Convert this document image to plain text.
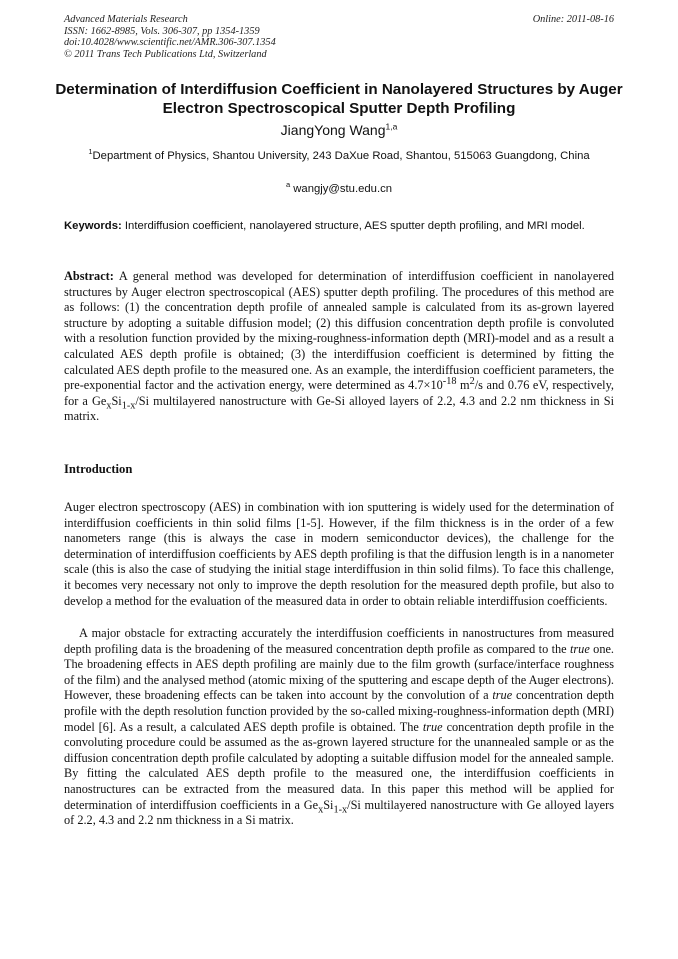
Advanced Materials Research
ISSN: 1662-8985, Vols. 306-307, pp 1354-1359
doi:10.4028/www.scientific.net/AMR.306-307.1354
© 2011 Trans Tech Publications Ltd, Switzerland
Online: 2011-08-16
Determination of Interdiffusion Coefficient in Nanolayered Structures by Auger Electron Spectroscopical Sputter Depth Profiling
JiangYong Wang$^{1,a}$
$^1$Department of Physics, Shantou University, 243 DaXue Road, Shantou, 515063 Guangdong, China
$^a$ wangjy@stu.edu.cn
Keywords: Interdiffusion coefficient, nanolayered structure, AES sputter depth profiling, and MRI model.
Abstract: A general method was developed for determination of interdiffusion coefficient in nanolayered structures by Auger electron spectroscopical (AES) sputter depth profiling. The procedures of this method are as follows: (1) the concentration depth profile of annealed sample is calculated from its as-grown layered structure by adopting a suitable diffusion model; (2) this diffusion concentration depth profile is convoluted with a resolution function provided by the mixing-roughness-information depth (MRI)-model and as a result a calculated AES depth profile is obtained; (3) the interdiffusion coefficient is determined by fitting the calculated AES depth profile to the measured one. As an example, the interdiffusion coefficient parameters, the pre-exponential factor and the activation energy, were determined as $4.7\times 10^{-18}$ $m^2/s$ and 0.76 eV, respectively, for a $Ge_xSi_{1-x}/Si$ multilayered nanostructure with Ge-Si alloyed layers of 2.2, 4.3 and 2.2 nm thickness in Si matrix.
Introduction

Auger electron spectroscopy (AES) in combination with ion sputtering is widely used for the determination of interdiffusion coefficients in thin solid films [1-5]. However, if the film thickness is in the order of a few nanometers range (this is always the case in modern semiconductor devices), the challenge for the determination of interdiffusion coefficients by AES depth profiling is that the diffusion length is in a nanometer scale (this is also the case of studying the initial stage interdiffusion in thin solid films). To face this challenge, it becomes very necessary not only to improve the depth resolution for the measured depth profile, but also to develop a method for the evaluation of the measured data in order to obtain reliable interdiffusion coefficients.

A major obstacle for extracting accurately the interdiffusion coefficients in nanostructures from measured depth profiling data is the broadening of the measured concentration depth profile as compared to the true one. The broadening effects in AES depth profiling are mainly due to the film growth (surface/interface roughness of the film) and the analysed method (atomic mixing of the sputtering and escape depth of the Auger electrons). However, these broadening effects can be taken into account by the convolution of a true concentration depth profile with the depth resolution function provided by the so-called mixing-roughness-information depth (MRI) model [6]. As a result, a calculated AES depth profile is obtained. The true concentration depth profile in the convoluting procedure could be assumed as the as-grown layered structure for the unannealed sample or as the diffusion concentration depth profile calculated by adopting a suitable diffusion model for the annealed sample. By fitting the calculated AES depth profile to the measured one, the interdiffusion coefficients in nanostructures can be extracted from the measured data. In this paper this method will be applied for determination of interdiffusion coefficients in a $Ge_xSi_{1-x}/Si$ multilayered nanostructure with Ge alloyed layers of 2.2, 4.3 and 2.2 nm thickness in a Si matrix.
